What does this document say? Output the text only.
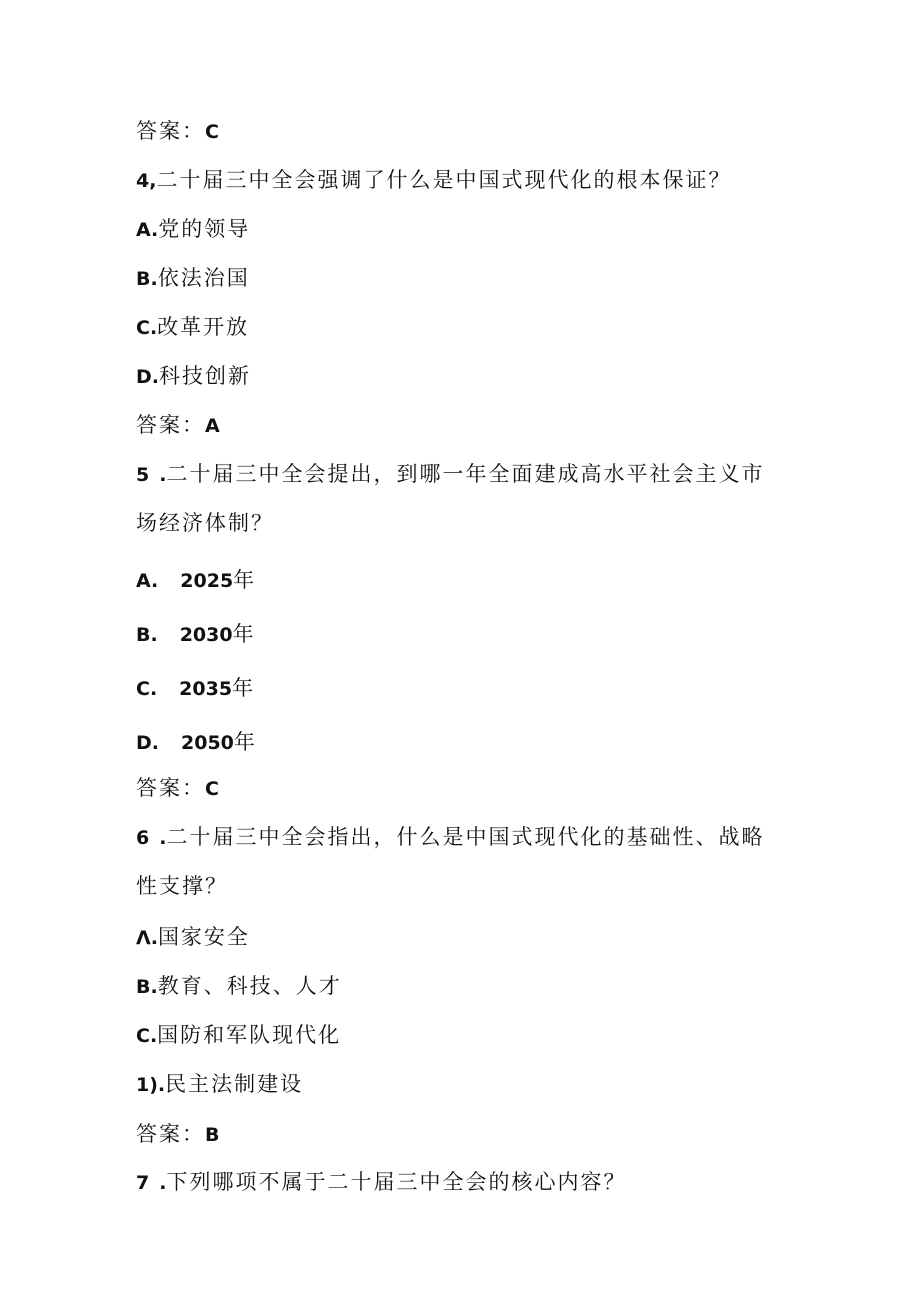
答案：C

4,二十届三中全会强调了什么是中国式现代化的根本保证？

A.党的领导

B.依法治国

C.改革开放

D.科技创新

答案：A

5 .二十届三中全会提出，到哪一年全面建成高水平社会主义市

场经济体制？

A. 2025年

B. 2030年

C. 2035年

D. 2050年

答案：C

6 .二十届三中全会指出，什么是中国式现代化的基础性、战略

性支撑？

Λ.国家安全

B.教育、科技、人才

C.国防和军队现代化

1).民主法制建设

答案：B

7 .下列哪项不属于二十届三中全会的核心内容？
